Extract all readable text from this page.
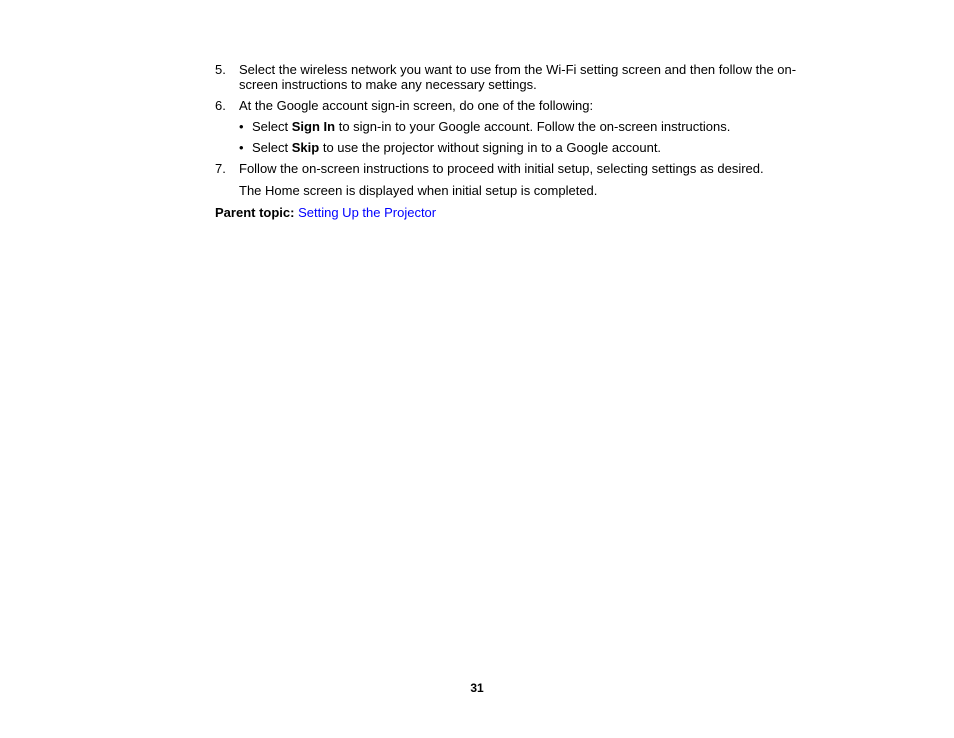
5. Select the wireless network you want to use from the Wi-Fi setting screen and then follow the on-screen instructions to make any necessary settings.
6. At the Google account sign-in screen, do one of the following:
• Select Sign In to sign-in to your Google account. Follow the on-screen instructions.
• Select Skip to use the projector without signing in to a Google account.
7. Follow the on-screen instructions to proceed with initial setup, selecting settings as desired.
The Home screen is displayed when initial setup is completed.
Parent topic: Setting Up the Projector
31
